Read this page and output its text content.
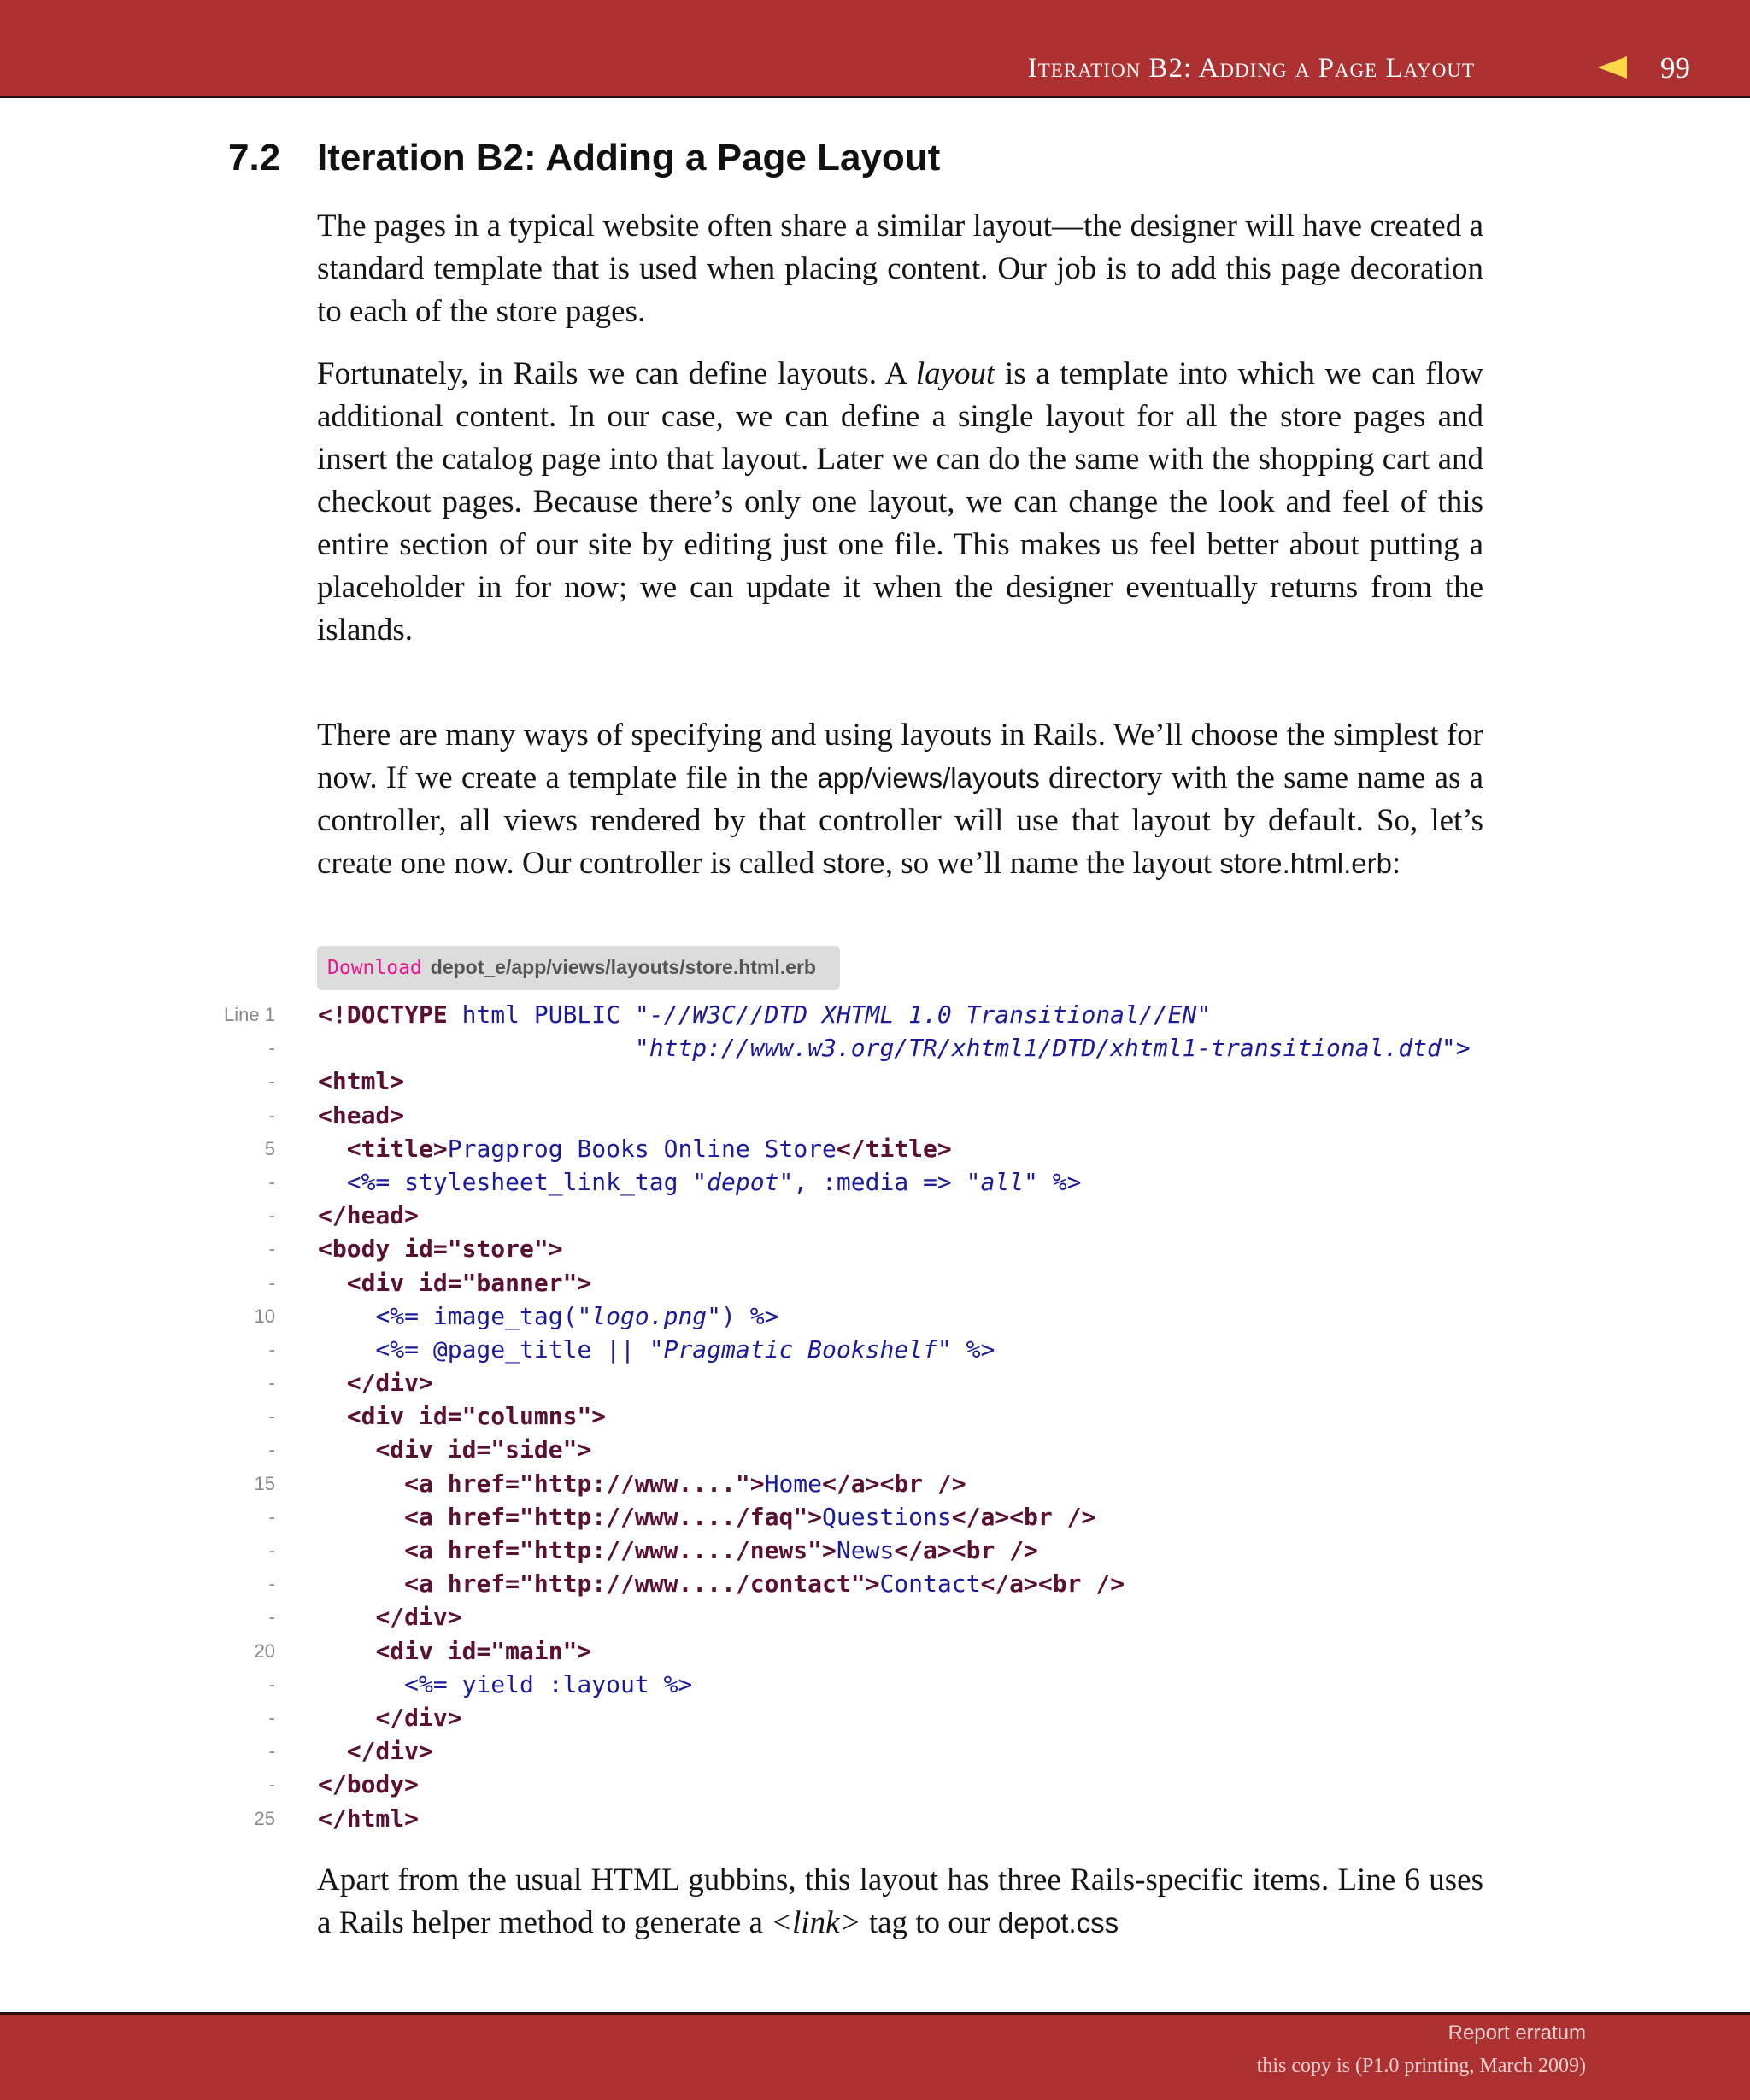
Iteration B2: Adding a Page Layout	99
7.2 Iteration B2: Adding a Page Layout

The pages in a typical website often share a similar layout—the designer will have created a standard template that is used when placing content. Our job is to add this page decoration to each of the store pages.

Fortunately, in Rails we can define layouts. A layout is a template into which we can flow additional content. In our case, we can define a single layout for all the store pages and insert the catalog page into that layout. Later we can do the same with the shopping cart and checkout pages. Because there’s only one layout, we can change the look and feel of this entire section of our site by editing just one file. This makes us feel better about putting a placeholder in for now; we can update it when the designer eventually returns from the islands.

There are many ways of specifying and using layouts in Rails. We’ll choose the simplest for now. If we create a template file in the app/views/layouts directory with the same name as a controller, all views rendered by that controller will use that layout by default. So, let’s create one now. Our controller is called store, so we’ll name the layout store.html.erb:

Download depot_e/app/views/layouts/store.html.erb
Line 1 <!DOCTYPE html PUBLIC "-//W3C//DTD XHTML 1.0 Transitional//EN"
-	"http://www.w3.org/TR/xhtml1/DTD/xhtml1-transitional.dtd">
- <html>
- <head>
5	<title>Pragprog Books Online Store</title>
- <%= stylesheet_link_tag "depot", :media => "all" %>
- </head>
- <body id="store">
-	<div id="banner">
10 <%= image_tag("logo.png") %>
- <%= @page_title || "Pragmatic Bookshelf" %>
-	</div>
-	<div id="columns">
-	<div id="side">
15	<a href="http://www....">Home</a><br />
-	<a href="http://www..../faq">Questions</a><br />
-	<a href="http://www..../news">News</a><br />
-	<a href="http://www..../contact">Contact</a><br />
-	</div>
20	<div id="main">
- <%= yield :layout %>
-	</div>
-	</div>
- </body>
25 </html>

Apart from the usual HTML gubbins, this layout has three Rails-specific items. Line 6 uses a Rails helper method to generate a <link> tag to our depot.css

Report erratum
this copy is (P1.0 printing, March 2009)
